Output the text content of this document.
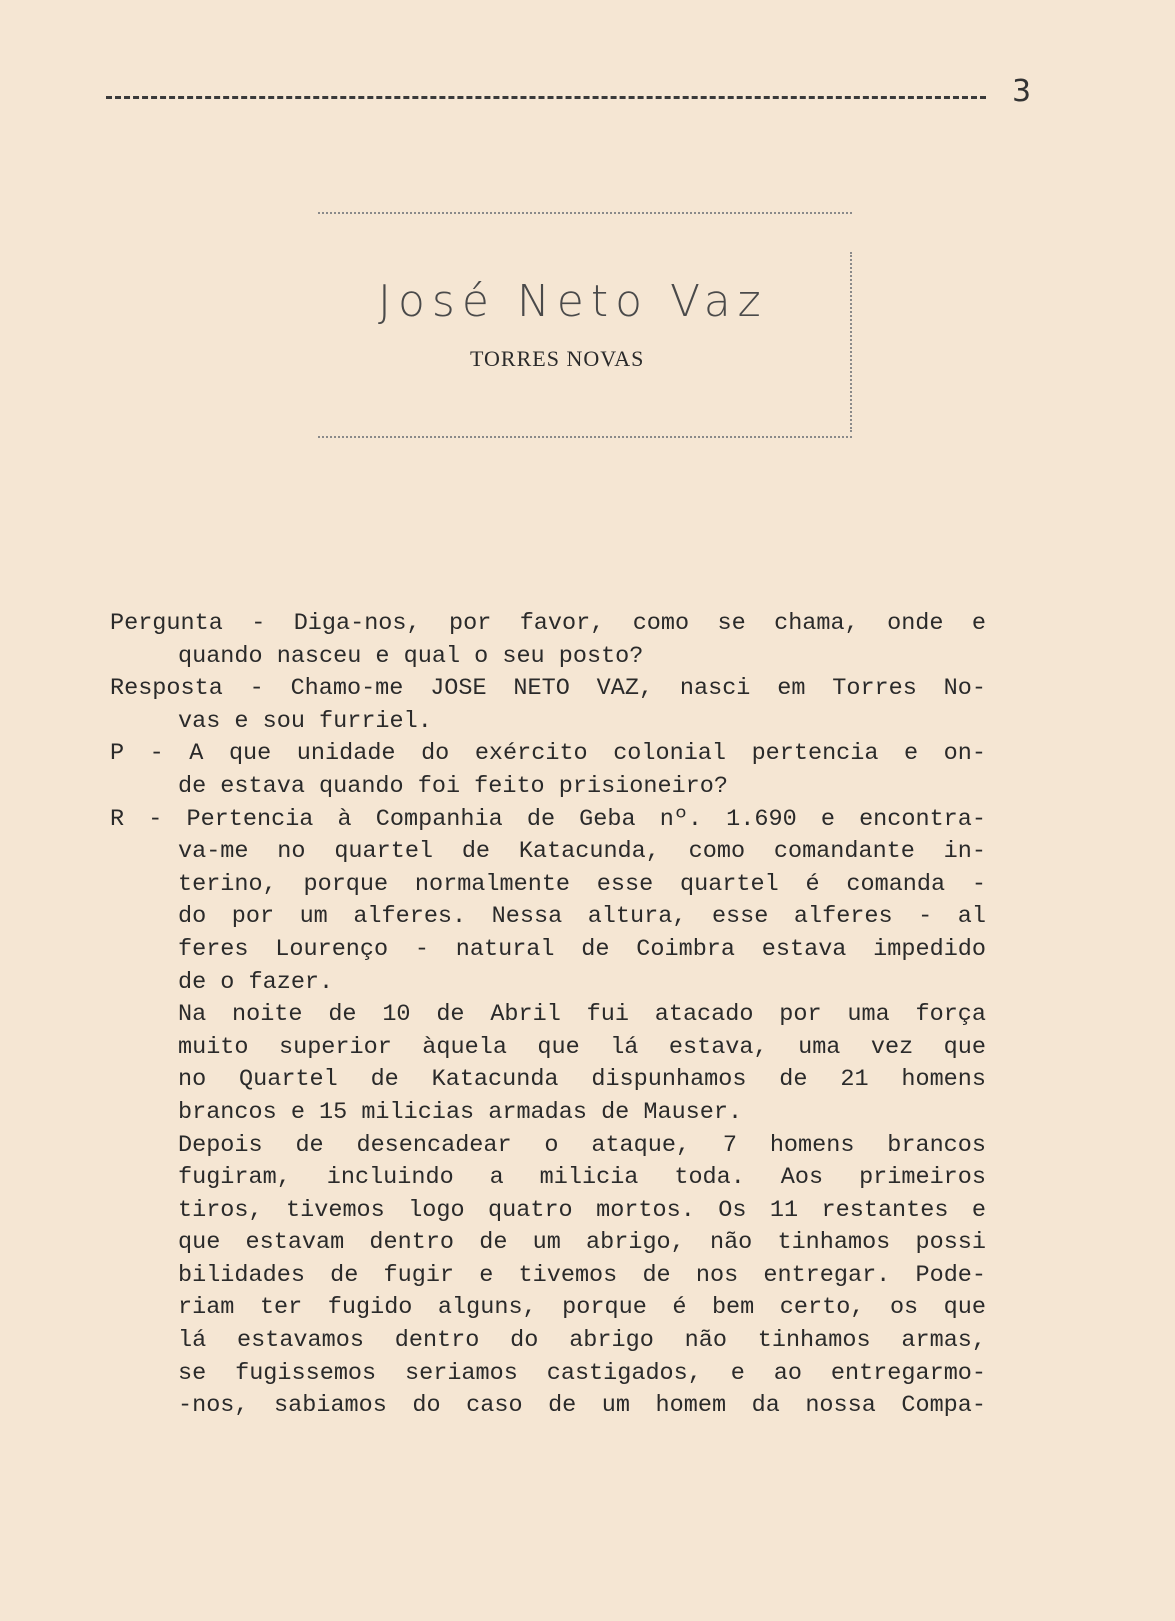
3
José Neto Vaz
TORRES NOVAS
Pergunta - Diga-nos, por favor, como se chama, onde e
quando nasceu e qual o seu posto?
Resposta - Chamo-me JOSE NETO VAZ, nasci em Torres No-
vas e sou furriel.
P - A que unidade do exército colonial pertencia e on-
de estava quando foi feito prisioneiro?
R - Pertencia à Companhia de Geba nº. 1.690 e encontra-
va-me no quartel de Katacunda, como comandante in-
terino, porque normalmente esse quartel é comanda -
do por um alferes. Nessa altura, esse alferes - al
feres Lourenço - natural de Coimbra estava impedido
de o fazer.
Na noite de 10 de Abril fui atacado por uma força
muito superior àquela que lá estava, uma vez que
no Quartel de Katacunda dispunhamos de 21 homens
brancos e 15 milicias armadas de Mauser.
Depois de desencadear o ataque, 7 homens brancos
fugiram, incluindo a milicia toda. Aos primeiros
tiros, tivemos logo quatro mortos. Os 11 restantes e
que estavam dentro de um abrigo, não tinhamos possi
bilidades de fugir e tivemos de nos entregar. Pode-
riam ter fugido alguns, porque é bem certo, os que
lá estavamos dentro do abrigo não tinhamos armas,
se fugissemos seriamos castigados, e ao entregarmo-
-nos, sabiamos do caso de um homem da nossa Compa-
